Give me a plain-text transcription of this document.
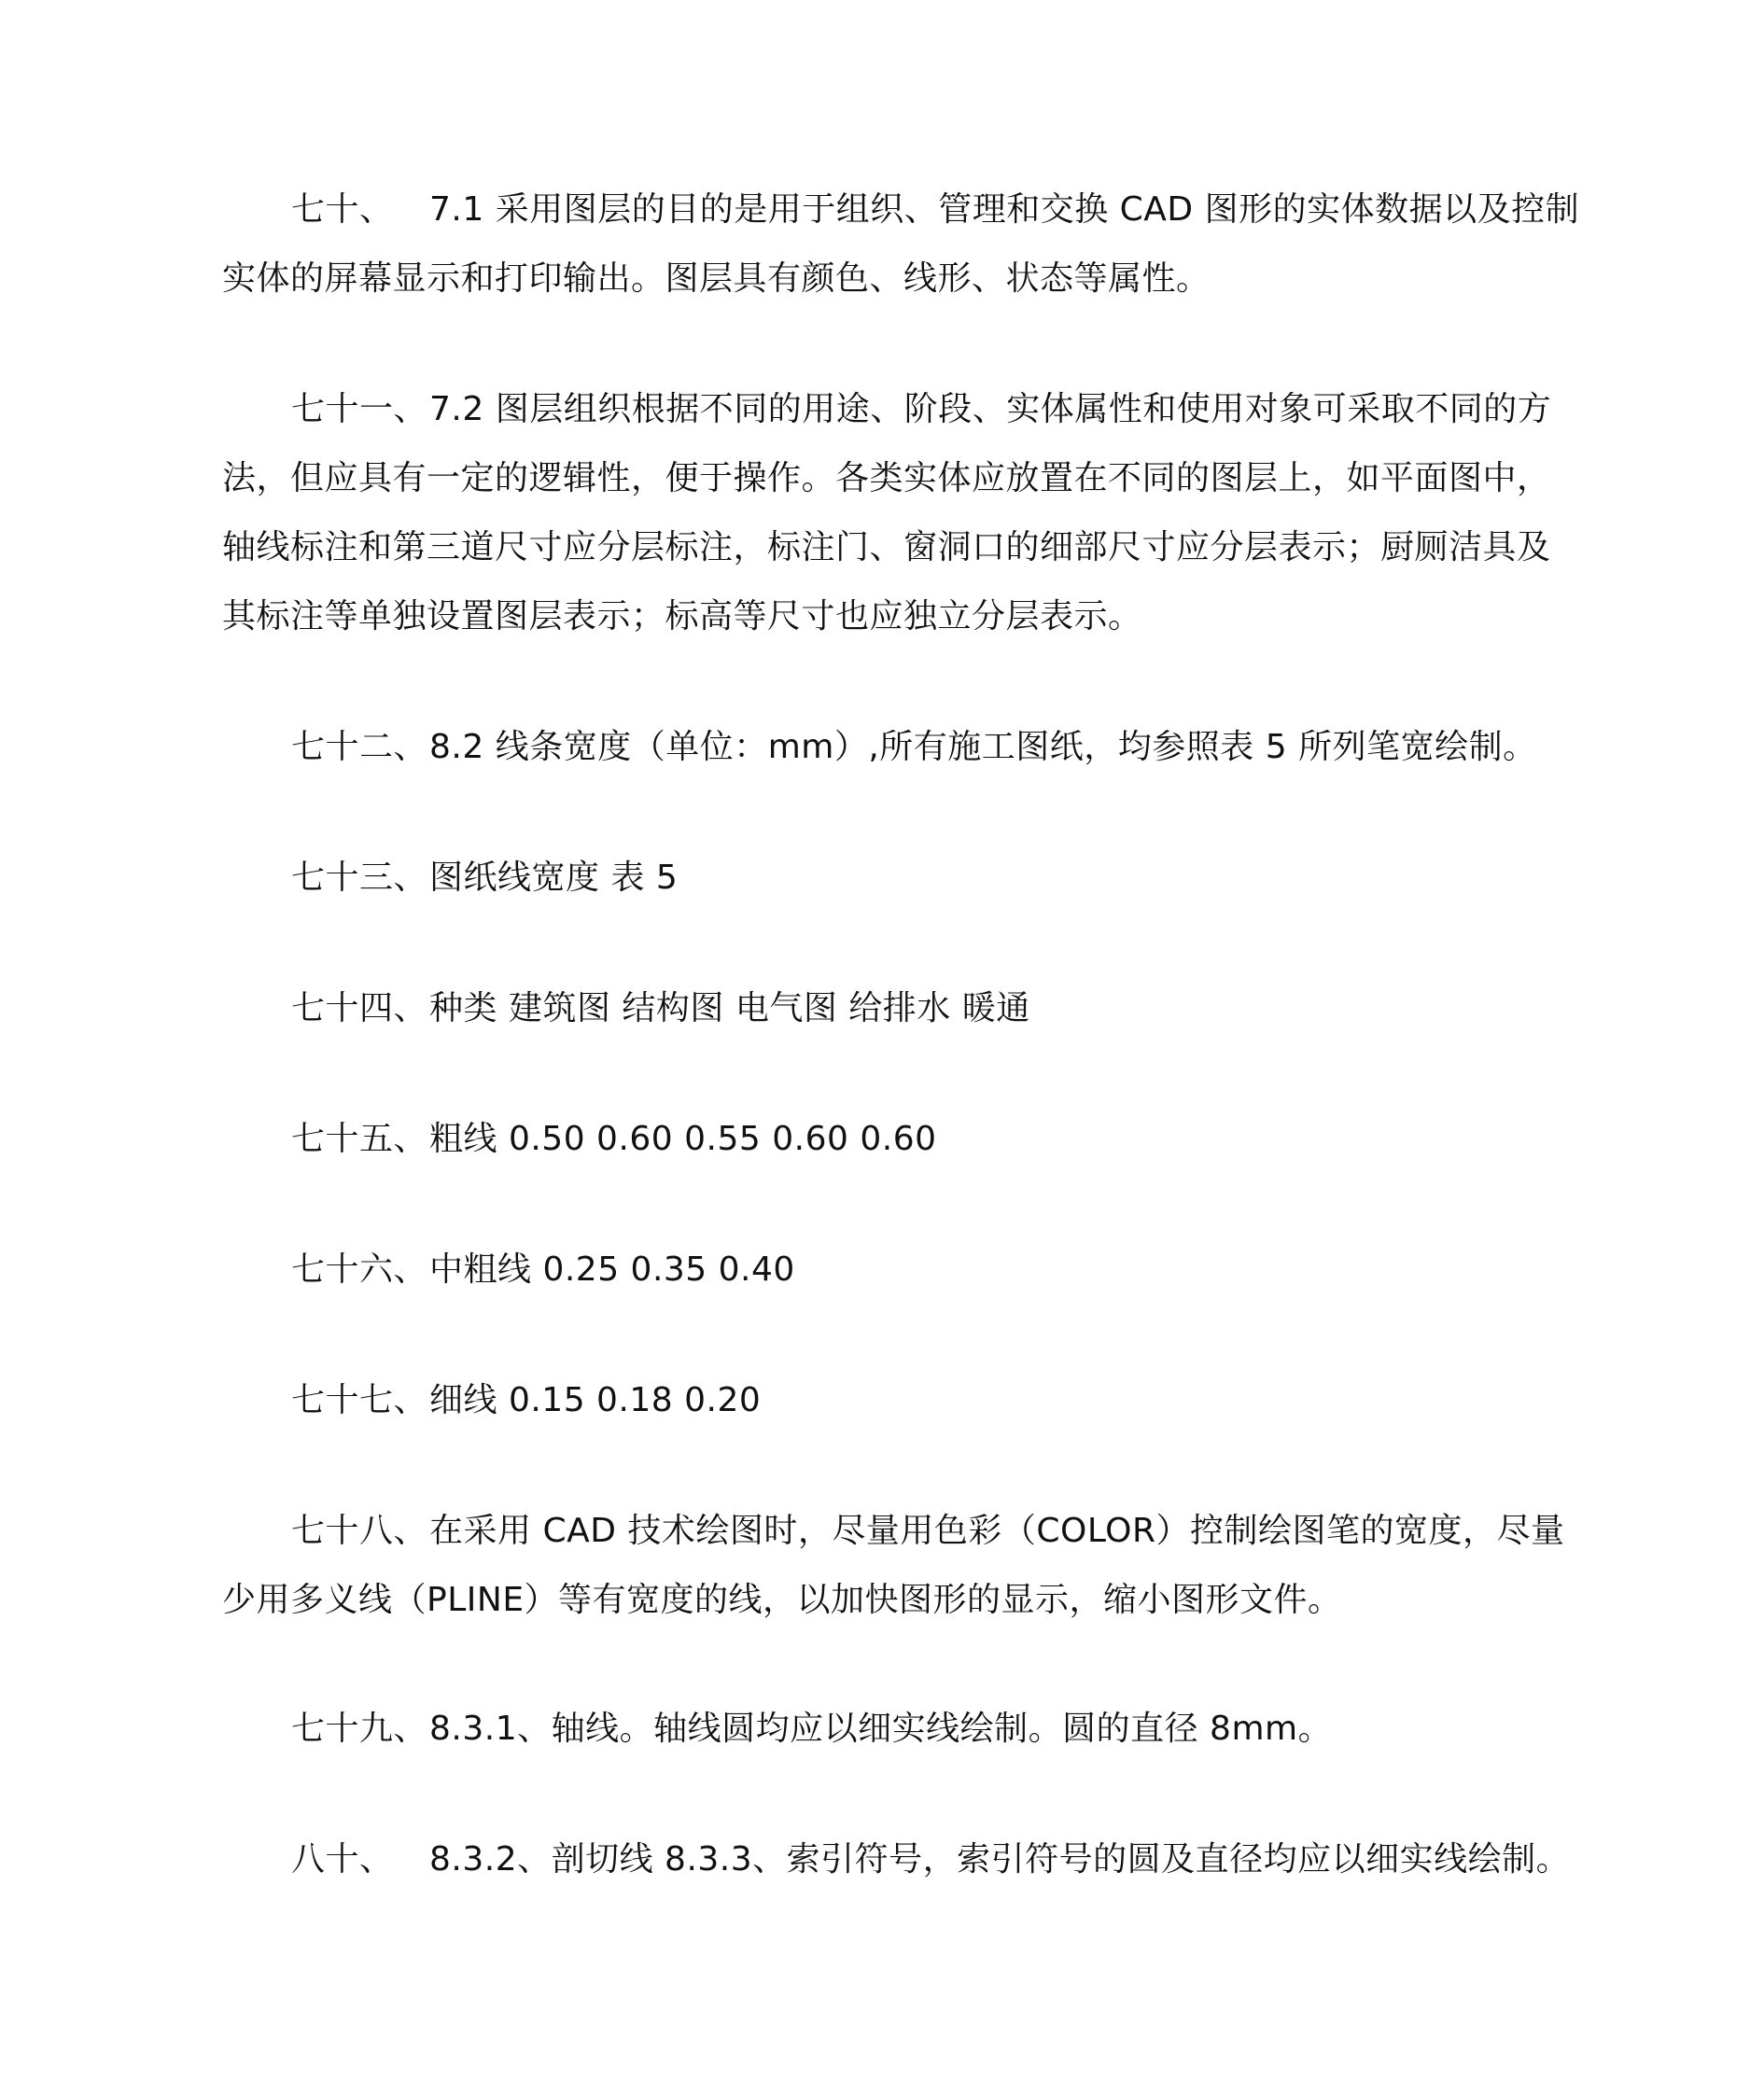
七十、 7.1 采用图层的目的是用于组织、管理和交换 CAD 图形的实体数据以及控制
实体的屏幕显示和打印输出。图层具有颜色、线形、状态等属性。
七十一、7.2 图层组织根据不同的用途、阶段、实体属性和使用对象可采取不同的方
法，但应具有一定的逻辑性，便于操作。各类实体应放置在不同的图层上，如平面图中，
轴线标注和第三道尺寸应分层标注，标注门、窗洞口的细部尺寸应分层表示；厨厕洁具及
其标注等单独设置图层表示；标高等尺寸也应独立分层表示。
七十二、8.2 线条宽度（单位：mm）,所有施工图纸，均参照表 5 所列笔宽绘制。
七十三、图纸线宽度 表 5
七十四、种类 建筑图 结构图 电气图 给排水 暖通
七十五、粗线 0.50 0.60 0.55 0.60 0.60
七十六、中粗线 0.25 0.35 0.40
七十七、细线 0.15 0.18 0.20
七十八、在采用 CAD 技术绘图时，尽量用色彩（COLOR）控制绘图笔的宽度，尽量
少用多义线（PLINE）等有宽度的线，以加快图形的显示，缩小图形文件。
七十九、8.3.1、轴线。轴线圆均应以细实线绘制。圆的直径 8mm。
八十、 8.3.2、剖切线 8.3.3、索引符号，索引符号的圆及直径均应以细实线绘制。
